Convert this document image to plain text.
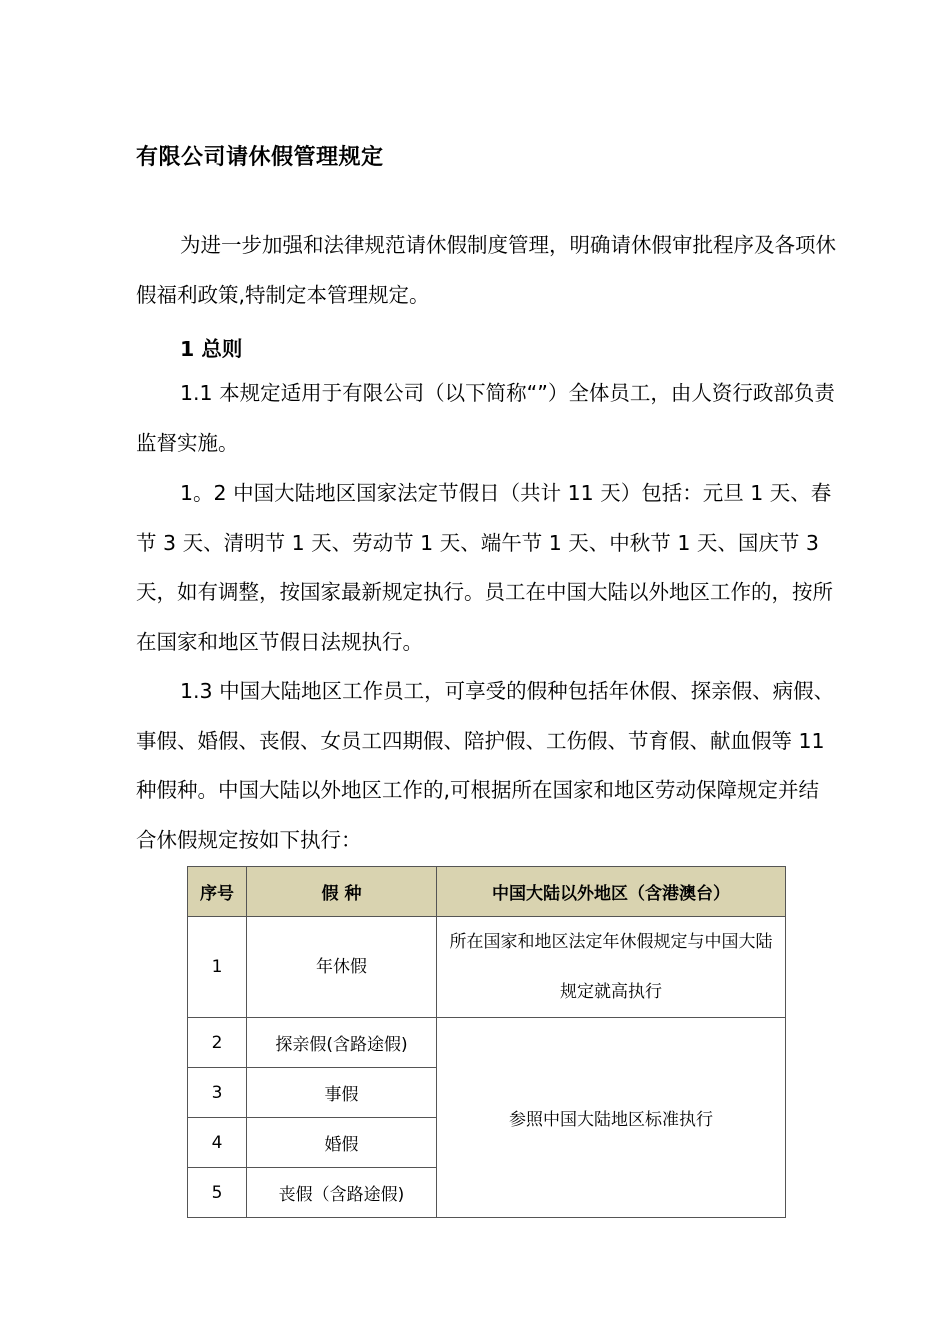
有限公司请休假管理规定

为进一步加强和法律规范请休假制度管理，明确请休假审批程序及各项休假福利政策,特制定本管理规定。

1 总则

1.1 本规定适用于有限公司（以下简称“”）全体员工，由人资行政部负责监督实施。

1。2 中国大陆地区国家法定节假日（共计 11 天）包括：元旦 1 天、春节 3 天、清明节 1 天、劳动节 1 天、端午节 1 天、中秋节 1 天、国庆节 3 天，如有调整，按国家最新规定执行。员工在中国大陆以外地区工作的，按所在国家和地区节假日法规执行。

1.3 中国大陆地区工作员工，可享受的假种包括年休假、探亲假、病假、事假、婚假、丧假、女员工四期假、陪护假、工伤假、节育假、献血假等 11 种假种。中国大陆以外地区工作的,可根据所在国家和地区劳动保障规定并结合休假规定按如下执行：

序号	假 种	中国大陆以外地区（含港澳台）
1	年休假	所在国家和地区法定年休假规定与中国大陆规定就高执行
2	探亲假(含路途假)	参照中国大陆地区标准执行
3	事假	
4	婚假	
5	丧假（含路途假)	
